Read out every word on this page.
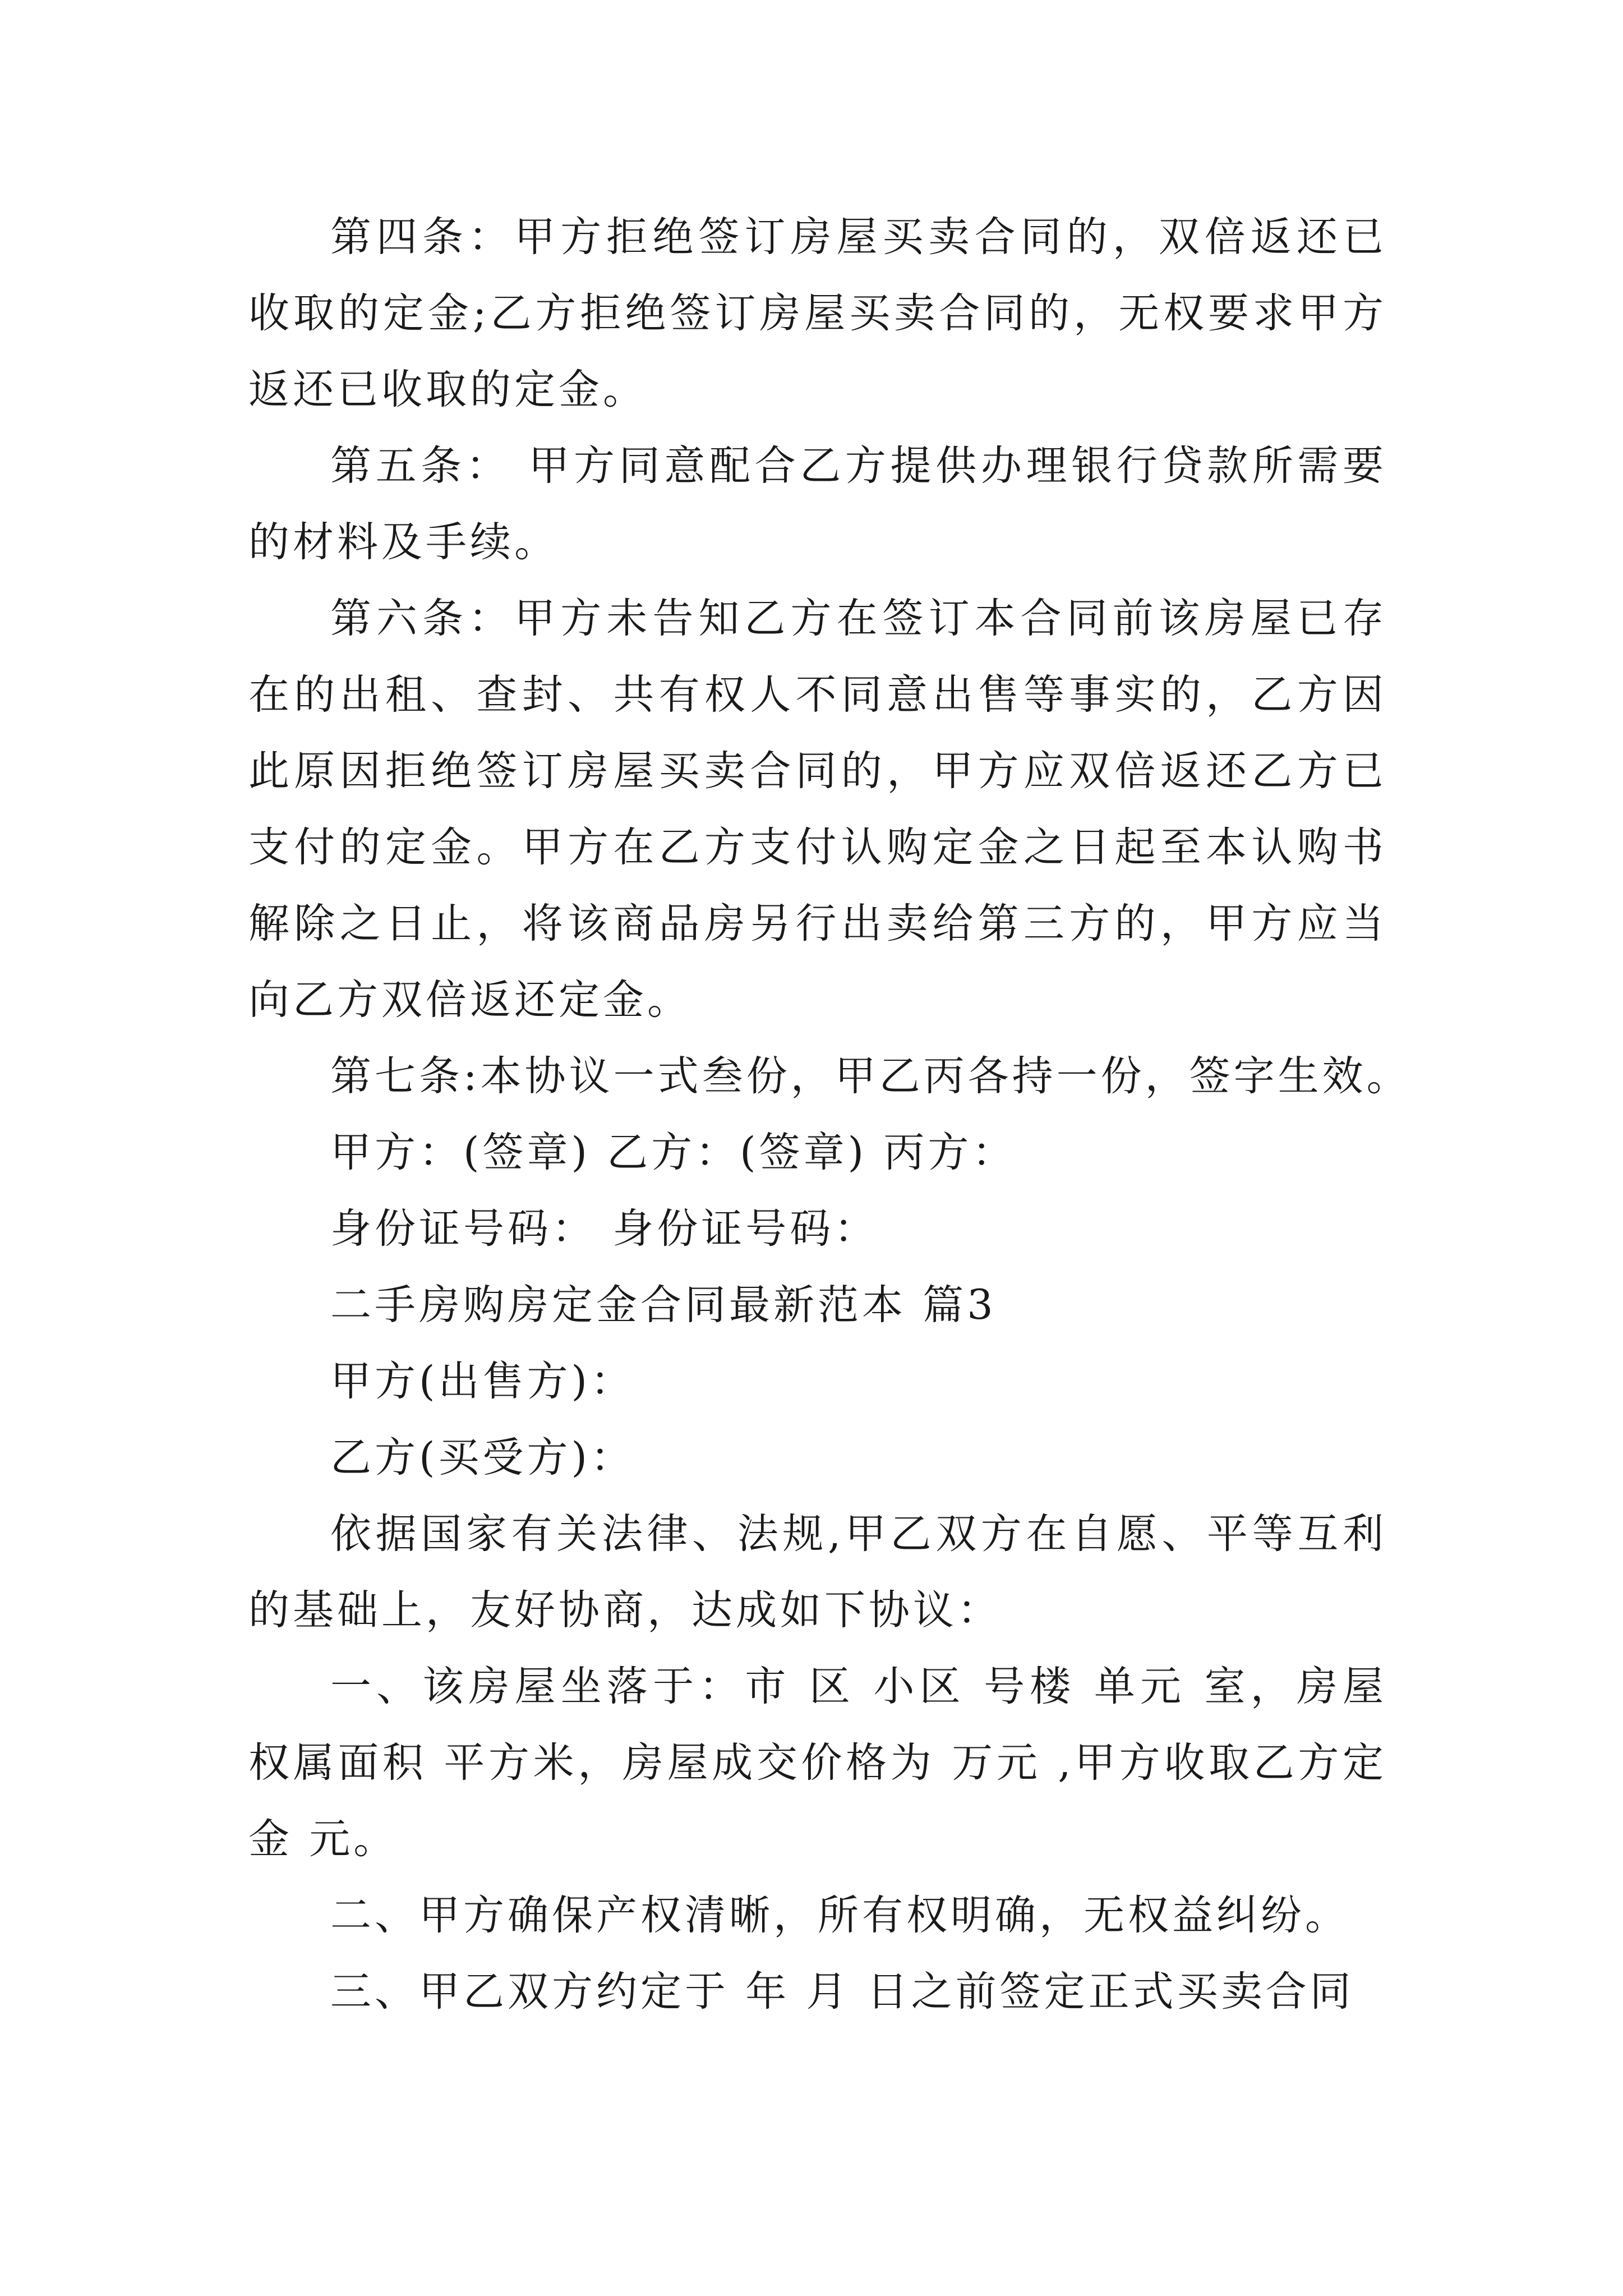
第四条：甲方拒绝签订房屋买卖合同的，双倍返还已收取的定金;乙方拒绝签订房屋买卖合同的，无权要求甲方返还已收取的定金。

第五条： 甲方同意配合乙方提供办理银行贷款所需要的材料及手续。

第六条：甲方未告知乙方在签订本合同前该房屋已存在的出租、查封、共有权人不同意出售等事实的，乙方因此原因拒绝签订房屋买卖合同的，甲方应双倍返还乙方已支付的定金。甲方在乙方支付认购定金之日起至本认购书解除之日止，将该商品房另行出卖给第三方的，甲方应当向乙方双倍返还定金。

第七条:本协议一式叁份，甲乙丙各持一份，签字生效。

甲方：(签章) 乙方：(签章) 丙方：

身份证号码： 身份证号码：

二手房购房定金合同最新范本 篇3

甲方(出售方)：

乙方(买受方)：

依据国家有关法律、法规,甲乙双方在自愿、平等互利的基础上，友好协商，达成如下协议：

一、该房屋坐落于：市 区 小区 号楼 单元 室，房屋权属面积 平方米，房屋成交价格为 万元 ,甲方收取乙方定金 元。

二、甲方确保产权清晰，所有权明确，无权益纠纷。

三、甲乙双方约定于 年 月 日之前签定正式买卖合同
